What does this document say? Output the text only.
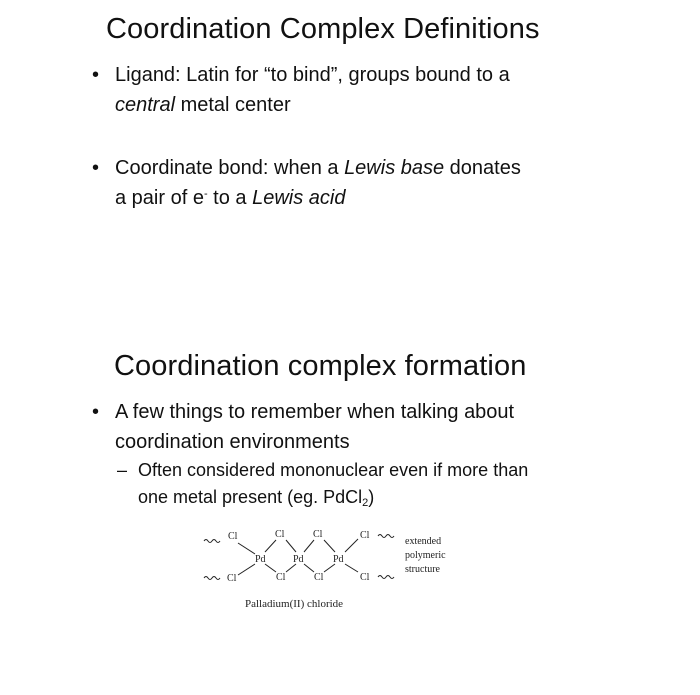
Coordination Complex Definitions
• Ligand: Latin for “to bind”, groups bound to a
central metal center
• Coordinate bond: when a Lewis base donates
a pair of e- to a Lewis acid
Coordination complex formation
• A few things to remember when talking about
coordination environments
– Often considered mononuclear even if more than
one metal present (eg. PdCl$_2$)
Cl
Cl
Pd
Cl
Cl
Pd
Cl
Cl
Pd
Cl
Cl
extended
polymeric
structure
Palladium(II) chloride
